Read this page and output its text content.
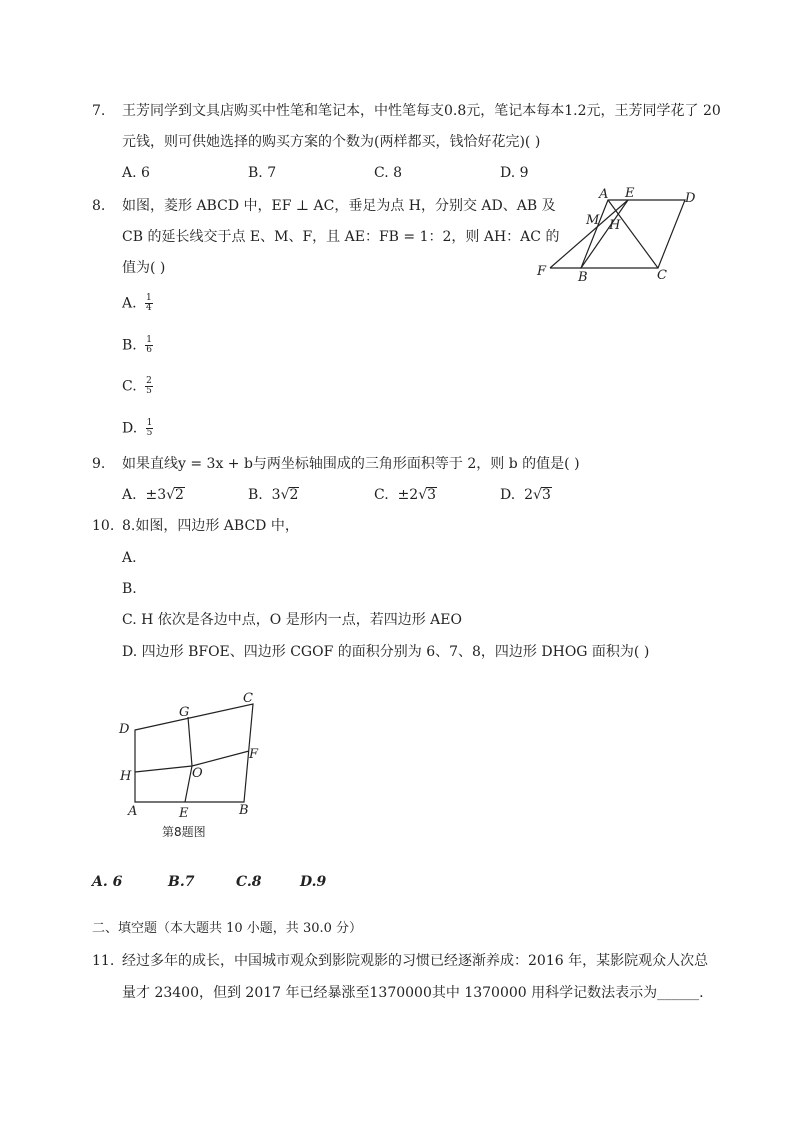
7. 王芳同学到文具店购买中性笔和笔记本，中性笔每支0.8元，笔记本每本1.2元，王芳同学花了 20
元钱，则可供她选择的购买方案的个数为(两样都买，钱恰好花完)( )
A. 6	B. 7	C. 8	D. 9
8. 如图，菱形 ABCD 中，EF ⊥ AC，垂足为点 H，分别交 AD、AB 及
CB 的延长线交于点 E、M、F，且 AE：FB = 1：2，则 AH：AC 的
值为( )
A. $\frac{1}{4}$
B. $\frac{1}{6}$
C. $\frac{2}{5}$
D. $\frac{1}{5}$
A E	D
M H
F B	C
9. 如果直线y = 3x + b与两坐标轴围成的三角形面积等于 2，则 b 的值是( )
A. ±3√2	B. 3√2	C. ±2√3	D. 2√3
10. 8.如图，四边形 ABCD 中，
A.
B.
C. H 依次是各边中点，O 是形内一点，若四边形 AEO
D. 四边形 BFOE、四边形 CGOF 的面积分别为 6、7、8，四边形 DHOG 面积为( )
D
G
C
F
H	O
A	E	B
第8题图
A. 6	B.7	C.8	D.9
二、填空题（本大题共 10 小题，共 30.0 分）
11. 经过多年的成长，中国城市观众到影院观影的习惯已经逐渐养成：2016 年，某影院观众人次总
量才 23400，但到 2017 年已经暴涨至1370000其中 1370000 用科学记数法表示为______.
